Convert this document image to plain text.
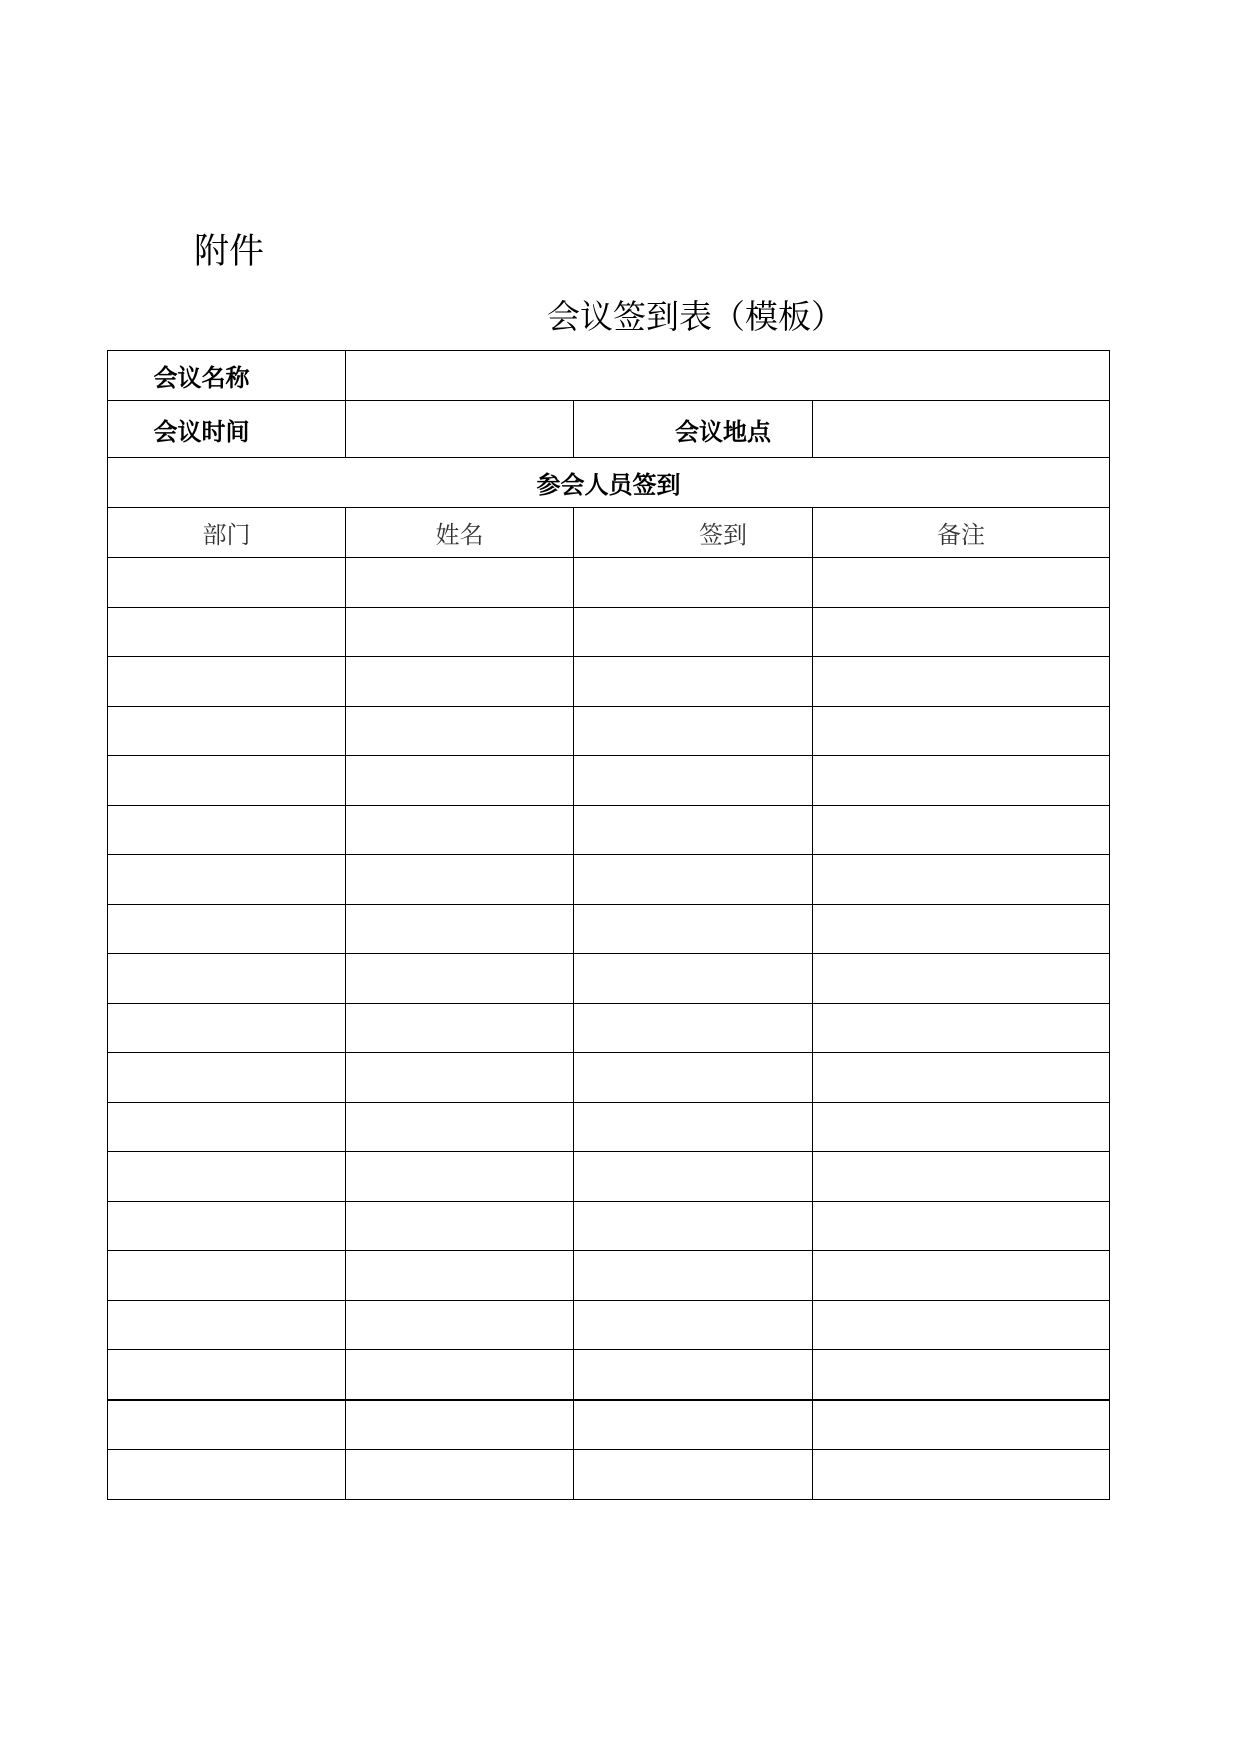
附件
会议签到表（模板）
会议名称			
会议时间		会议地点	
参会人员签到			
部门	姓名	签到	备注
